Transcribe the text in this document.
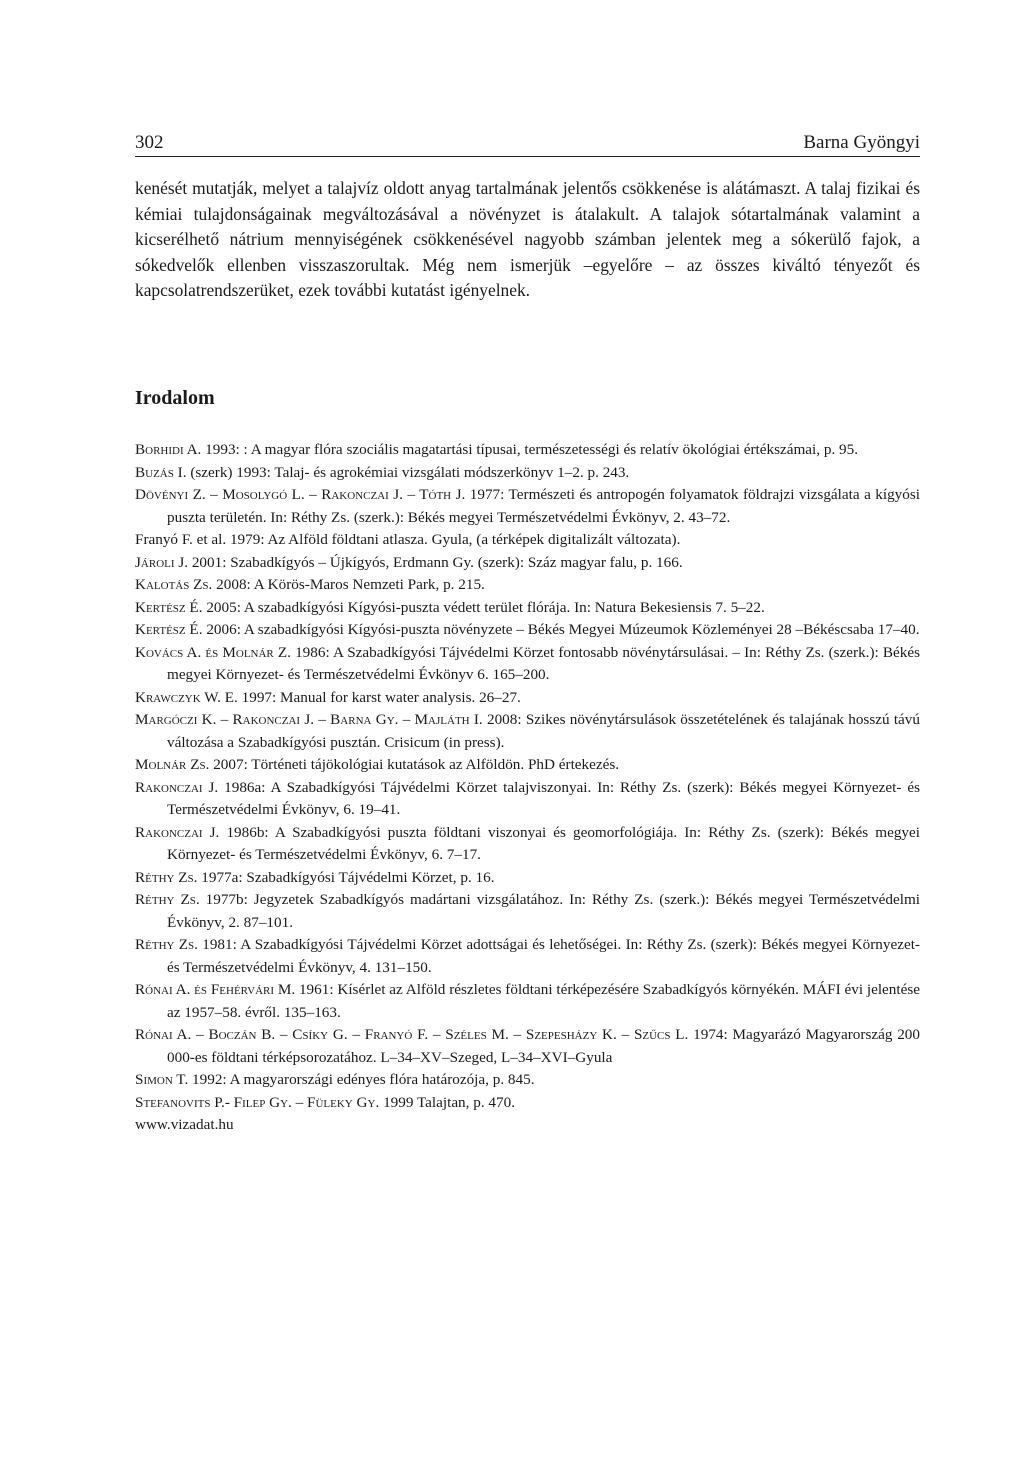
302	Barna Gyöngyi

kenését mutatják, melyet a talajvíz oldott anyag tartalmának jelentős csökkenése is alátámaszt. A talaj fizikai és kémiai tulajdonságainak megváltozásával a növényzet is átalakult. A talajok sótartalmának valamint a kicserélhető nátrium mennyiségének csökkenésével nagyobb számban jelentek meg a sókerülő fajok, a sókedvelők ellenben visszaszorultak. Még nem ismerjük –egyelőre – az összes kiváltó tényezőt és kapcsolatrendszerüket, ezek további kutatást igényelnek.

Irodalom
Borhidi A. 1993: : A magyar flóra szociális magatartási típusai, természetességi és relatív ökológiai értékszámai, p. 95.
Buzás I. (szerk) 1993: Talaj- és agrokémiai vizsgálati módszerkönyv 1–2. p. 243.
Dövényi Z. – Mosolygó L. – Rakonczai J. – Tóth J. 1977: Természeti és antropogén folyamatok földrajzi vizsgálata a kígyósi puszta területén. In: Réthy Zs. (szerk.): Békés megyei Természetvédelmi Évkönyv, 2. 43–72.
Franyó F. et al. 1979: Az Alföld földtani atlasza. Gyula, (a térképek digitalizált változata).
Jároli J. 2001: Szabadkígyós – Újkígyós, Erdmann Gy. (szerk): Száz magyar falu, p. 166.
Kalotás Zs. 2008: A Körös-Maros Nemzeti Park, p. 215.
Kertész É. 2005: A szabadkígyósi Kígyósi-puszta védett terület flórája. In: Natura Bekesiensis 7. 5–22.
Kertész É. 2006: A szabadkígyósi Kígyósi-puszta növényzete – Békés Megyei Múzeumok Közleményei 28 –Békéscsaba 17–40.
Kovács A. és Molnár Z. 1986: A Szabadkígyósi Tájvédelmi Körzet fontosabb növénytársulásai. – In: Réthy Zs. (szerk.): Békés megyei Környezet- és Természetvédelmi Évkönyv 6. 165–200.
Krawczyk W. E. 1997: Manual for karst water analysis. 26–27.
Margóczi K. – Rakonczai J. – Barna Gy. – Majláth I. 2008: Szikes növénytársulások összetételének és talajának hosszú távú változása a Szabadkígyósi pusztán. Crisicum (in press).
Molnár Zs. 2007: Történeti tájökológiai kutatások az Alföldön. PhD értekezés.
Rakonczai J. 1986a: A Szabadkígyósi Tájvédelmi Körzet talajviszonyai. In: Réthy Zs. (szerk): Békés megyei Környezet- és Természetvédelmi Évkönyv, 6. 19–41.
Rakonczai J. 1986b: A Szabadkígyósi puszta földtani viszonyai és geomorfológiája. In: Réthy Zs. (szerk): Békés megyei Környezet- és Természetvédelmi Évkönyv, 6. 7–17.
Réthy Zs. 1977a: Szabadkígyósi Tájvédelmi Körzet, p. 16.
Réthy Zs. 1977b: Jegyzetek Szabadkígyós madártani vizsgálatához. In: Réthy Zs. (szerk.): Békés megyei Természetvédelmi Évkönyv, 2. 87–101.
Réthy Zs. 1981: A Szabadkígyósi Tájvédelmi Körzet adottságai és lehetőségei. In: Réthy Zs. (szerk): Békés megyei Környezet- és Természetvédelmi Évkönyv, 4. 131–150.
Rónai A. és Fehérvári M. 1961: Kísérlet az Alföld részletes földtani térképezésére Szabadkígyós környékén. MÁFI évi jelentése az 1957–58. évről. 135–163.
Rónai A. – Boczán B. – Csíky G. – Franyó F. – Széles M. – Szepesházy K. – Szűcs L. 1974: Magyarázó Magyarország 200 000-es földtani térképsorozatához. L–34–XV–Szeged, L–34–XVI–Gyula
Simon T. 1992: A magyarországi edényes flóra határozója, p. 845.
Stefanovits P.- Filep Gy. – Füleky Gy. 1999 Talajtan, p. 470.
www.vizadat.hu
